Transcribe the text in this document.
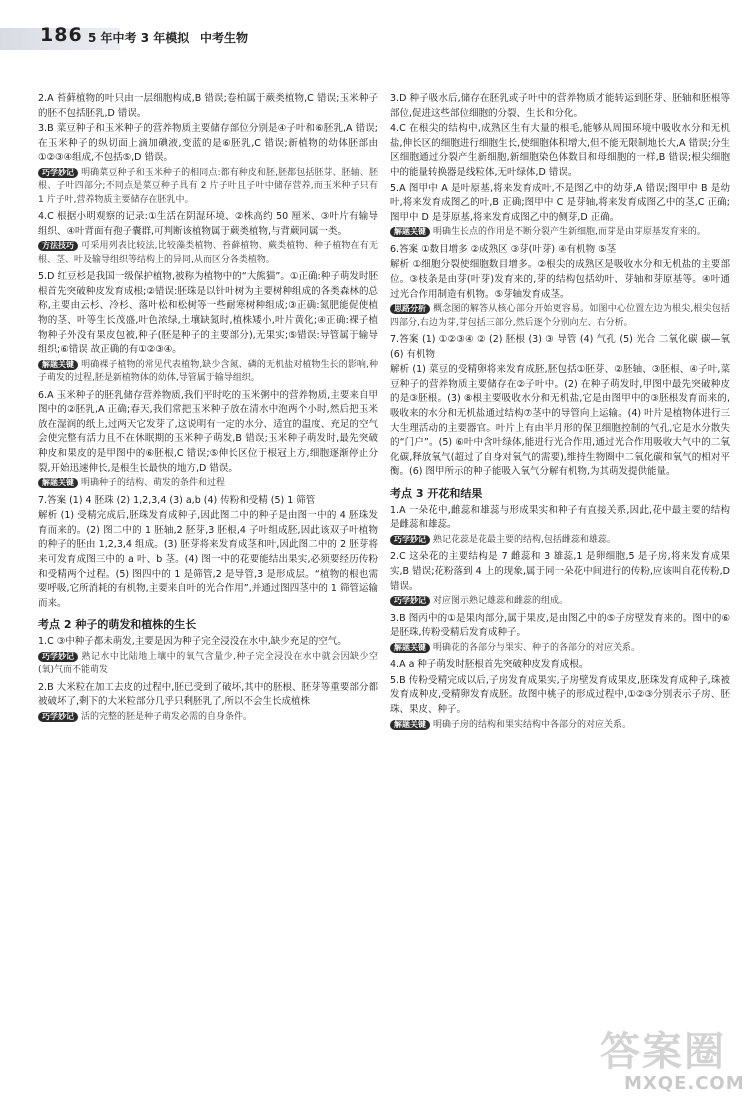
186 5 年中考 3 年模拟 中考生物

2.A 苔藓植物的叶只由一层细胞构成,B 错误;卷柏属于蕨类植物,C 错误;玉米种子的胚不包括胚乳,D 错误。

3.B 菜豆种子和玉米种子的营养物质主要储存部位分别是④子叶和⑥胚乳,A 错误;在玉米种子的纵切面上滴加碘液,变蓝的是⑥胚乳,C 错误;新植物的幼体胚部由①②③④组成,不包括⑤,D 错误。

巧学妙记 明确菜豆种子和玉米种子的相同点:都有种皮和胚,胚都包括胚芽、胚轴、胚根、子叶四部分;不同点是菜豆种子具有 2 片子叶且子叶中储存营养,而玉米种子只有 1 片子叶,营养物质主要储存在胚乳中。

4.C 根据小明观察的记录:①生活在阴湿环境、②株高约 50 厘米、③叶片有输导组织、④叶背面有孢子囊群,可判断该植物属于蕨类植物,与背蕨同属一类。

方法技巧 可采用列表比较法,比较藻类植物、苔藓植物、蕨类植物、种子植物在有无根、茎、叶及输导组织等结构上的异同,从而区分各类植物。

5.D 红豆杉是我国一级保护植物,被称为植物中的“大熊猫”。①正确:种子萌发时胚根首先突破种皮发育成根;②错误:胚珠是以针叶树为主要树种组成的各类森林的总称,主要由云杉、冷杉、落叶松和松树等一些耐寒树种组成;③正确:氮肥能促使植物的茎、叶等生长茂盛,叶色浓绿,土壤缺氮时,植株矮小,叶片黄化;④正确:裸子植物种子外没有果皮包被,种子(胚是种子的主要部分),无果实;⑤错误:导管属于输导组织;⑥错误 故正确的有①②③④。

解题关键 明确裸子植物的常见代表植物,缺少含氮、磷的无机盐对植物生长的影响,种子萌发的过程,胚是新植物体的幼体,导管属于输导组织。

6.A 玉米种子的胚乳储存营养物质,我们平时吃的玉米粥中的营养物质,主要来自甲图中的②胚乳,A 正确;春天,我们常把玉米种子放在清水中泡两个小时,然后把玉米放在湿润的纸上,过两天它发芽了,这说明有一定的水分、适宜的温度、充足的空气会使完整有活力且不在休眠期的玉米种子萌发,B 错误;玉米种子萌发时,最先突破种皮和果皮的是甲图中的⑥胚根,C 错误;⑤伸长区位于根冠上方,细胞逐渐停止分裂,开始迅速伸长,是根生长最快的地方,D 错误。

解题关键 明确种子的结构、萌发的条件和过程

7.答案 (1) 4 胚珠 (2) 1,2,3,4 (3) a,b (4) 传粉和受精 (5) 1 筛管

解析 (1) 受精完成后,胚珠发育成种子,因此图二中的种子是由图一中的 4 胚珠发育而来的。(2) 图二中的 1 胚轴,2 胚芽,3 胚根,4 子叶组成胚,因此该双子叶植物的种子的胚由 1,2,3,4 组成。(3) 胚芽将来发育成茎和叶,因此图二中的 2 胚芽将来可发育成图三中的 a 叶、b 茎。(4) 图一中的花要能结出果实,必须要经历传粉和受精两个过程。(5) 图四中的 1 是筛管,2 是导管,3 是形成层。“植物的根也需要呼吸,它所消耗的有机物,主要来自叶的光合作用”,并通过图四茎中的 1 筛管运输而来。

考点 2 种子的萌发和植株的生长

1.C ③中种子都未萌发,主要是因为种子完全浸没在水中,缺少充足的空气。

巧学妙记 熟记水中比陆地上壤中的氧气含量少,种子完全浸没在水中就会因缺少空(氧)气而不能萌发

2.B 大米粒在加工去皮的过程中,胚已受到了破坏,其中的胚根、胚芽等重要部分都被破坏了,剩下的大米粒部分几乎只剩胚乳了,所以不会生长成植株

巧学妙记 活的完整的胚是种子萌发必需的自身条件。

3.D 种子吸水后,储存在胚乳或子叶中的营养物质才能转运到胚芽、胚轴和胚根等部位,促进这些部位细胞的分裂、生长和分化。

4.C 在根尖的结构中,成熟区生有大量的根毛,能够从周围环境中吸收水分和无机盐,伸长区的细胞进行细胞生长,使细胞体积增大,但不能无限制地长大,A 错误;分生区细胞通过分裂产生新细胞,新细胞染色体数目和母细胞的一样,B 错误;根尖细胞中的能量转换器是线粒体,无叶绿体,D 错误。

5.A 图甲中 A 是叶原基,将来发育成叶,不是图乙中的幼芽,A 错误;图甲中 B 是幼叶,将来发育成图乙的叶,B 正确;图甲中 C 是芽轴,将来发育成图乙中的茎,C 正确;图甲中 D 是芽原基,将来发育成图乙中的侧芽,D 正确。

解题关键 明确生长点的作用是不断分裂产生新细胞,而芽是由芽原基发育来的。

6.答案 ①数目增多 ②成熟区 ③芽(叶芽) ④有机物 ⑤茎

解析 ①细胞分裂使细胞数目增多。②根尖的成熟区是吸收水分和无机盐的主要部位。③枝条是由芽(叶芽)发育来的,芽的结构包括幼叶、芽轴和芽原基等。④叶通过光合作用制造有机物。⑤芽轴发育成茎。

思路分析 概念图的解答从核心部分开始更容易。如图中心位置左边为根尖,根尖包括四部分,右边为芽,芽包括三部分,然后逐个分别向左、右分析。

7.答案 (1) ①②③④ ② (2) 胚根 (3) ③ 导管 (4) 气孔 (5) 光合 二氧化碳 碳—氧 (6) 有机物

解析 (1) 菜豆的受精卵将来发育成胚,胚包括①胚芽、②胚轴、③胚根、④子叶,菜豆种子的营养物质主要储存在②子叶中。(2) 在种子萌发时,甲图中最先突破种皮的是③胚根。(3) ⑧根主要吸收水分和无机盐,它是由图甲中的③胚根发育而来的,吸收来的水分和无机盐通过结构⑦茎中的导管向上运输。(4) 叶片是植物体进行三大生理活动的主要器官。叶片上有由半月形的保卫细胞控制的气孔,它是水分散失的“门户”。(5) ⑥叶中含叶绿体,能进行光合作用,通过光合作用吸收大气中的二氧化碳,释放氧气(超过了自身对氧气的需要),维持生物圈中二氧化碳和氧气的相对平衡。(6) 图甲所示的种子能吸入氧气分解有机物,为其萌发提供能量。

考点 3 开花和结果

1.A 一朵花中,雌蕊和雄蕊与形成果实和种子有直接关系,因此,花中最主要的结构是雌蕊和雄蕊。

巧学妙记 熟记花蕊是花最主要的结构,包括雌蕊和雄蕊。

2.C 这朵花的主要结构是 7 雌蕊和 3 雄蕊,1 是卵细胞,5 是子房,将来发育成果实,B 错误;花粉落到 4 上的现象,属于同一朵花中间进行的传粉,应该叫自花传粉,D 错误。

巧学妙记 对应图示熟记雄蕊和雌蕊的组成。

3.B 图丙中的①是果肉部分,属于果皮,是由图乙中的⑤子房壁发育来的。图中的⑥是胚珠,传粉受精后发育成种子。

解题关键 明确花的各部分与果实、种子的各部分的对应关系。

4.A a 种子萌发时胚根首先突破种皮发育成根。

5.B 传粉受精完成以后,子房发育成果实,子房壁发育成果皮,胚珠发育成种子,珠被发育成种皮,受精卵发育成胚。故图中桃子的形成过程中,①②③分别表示子房、胚珠、果皮、种子。

解题关键 明确子房的结构和果实结构中各部分的对应关系。

答案圈
MXQE.COM
